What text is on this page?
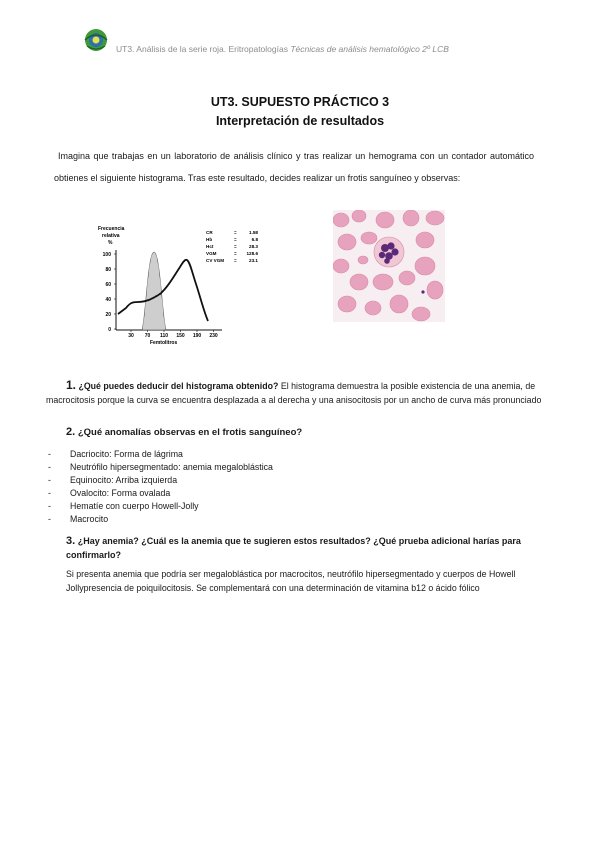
UT3. Análisis de la serie roja. Eritropatologías Técnicas de análisis hematológico 2º LCB
UT3. SUPUESTO PRÁCTICO 3
Interpretación de resultados
Imagina que trabajas en un laboratorio de análisis clínico y tras realizar un hemograma con un contador automático obtienes el siguiente histograma. Tras este resultado, decides realizar un frotis sanguíneo y observas:
Frecuencia
relativa
%
100
80
60
40
20
0
30 70 110 150 190 230
Femtolitros
CR	=	1.58
Hb	=	6.8
Hct	=	28.3
VGM	= 128.6
CV VGM =	23.1
1. ¿Qué puedes deducir del histograma obtenido? El histograma demuestra la posible existencia de una anemia, de macrocitosis porque la curva se encuentra desplazada a al derecha y una anisocitosis por un ancho de curva más pronunciado
2. ¿Qué anomalías observas en el frotis sanguíneo?
- Dacriocito: Forma de lágrima
- Neutrófilo hipersegmentado: anemia megaloblástica
- Equinocito: Arriba izquierda
- Ovalocito: Forma ovalada
- Hematíe con cuerpo Howell-Jolly
- Macrocito
3. ¿Hay anemia? ¿Cuál es la anemia que te sugieren estos resultados? ¿Qué prueba adicional harías para confirmarlo?
Si presenta anemia que podría ser megaloblástica por macrocitos, neutrófilo hipersegmentado y cuerpos de Howell Jollypresencia de poiquilocitosis. Se complementará con una determinación de vitamina b12 o ácido fólico
